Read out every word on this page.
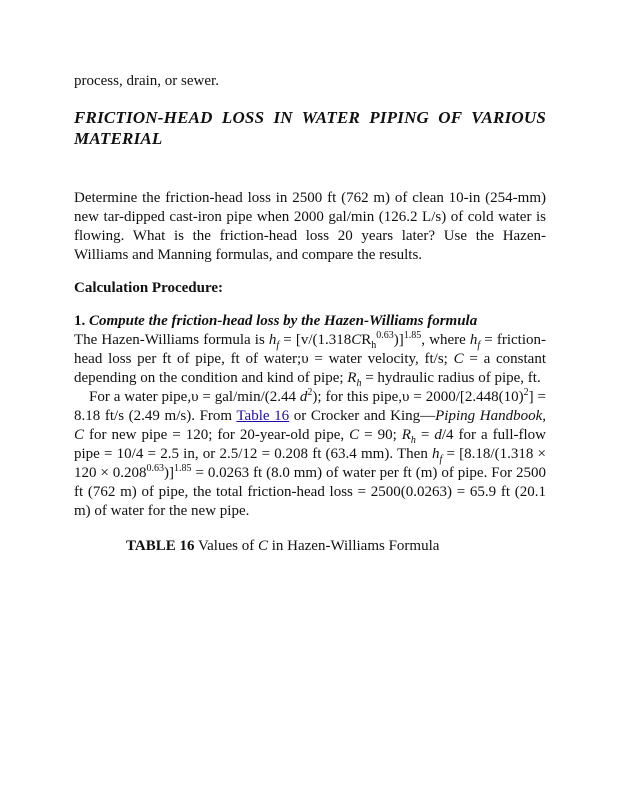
process, drain, or sewer.

FRICTION-HEAD LOSS IN WATER PIPING OF VARIOUS MATERIAL

Determine the friction-head loss in 2500 ft (762 m) of clean 10-in (254-mm) new tar-dipped cast-iron pipe when 2000 gal/min (126.2 L/s) of cold water is flowing. What is the friction-head loss 20 years later? Use the Hazen-Williams and Manning formulas, and compare the results.

Calculation Procedure:

1. Compute the friction-head loss by the Hazen-Williams formula

The Hazen-Williams formula is $h_f = [v/(1.318CR_h^{0.63})]^{1.85}$, where $h_f$ = friction-head loss per ft of pipe, ft of water;υ = water velocity, ft/s; C = a constant depending on the condition and kind of pipe; $R_h$ = hydraulic radius of pipe, ft.

For a water pipe,υ = gal/min/(2.44 $d^2$); for this pipe,υ = $2000/[2.448(10)^2] = 8.18$ ft/s (2.49 m/s). From Table 16 or Crocker and King—Piping Handbook, C for new pipe = 120; for 20-year-old pipe, C = 90; $R_h = d/4$ for a full-flow pipe = 10/4 = 2.5 in, or 2.5/12 = 0.208 ft (63.4 mm). Then $h_f = [8.18/(1.318 \times 120 \times 0.208^{0.63})]^{1.85} = 0.0263$ ft (8.0 mm) of water per ft (m) of pipe. For 2500 ft (762 m) of pipe, the total friction-head loss = 2500(0.0263) = 65.9 ft (20.1 m) of water for the new pipe.

TABLE 16 Values of C in Hazen-Williams Formula
